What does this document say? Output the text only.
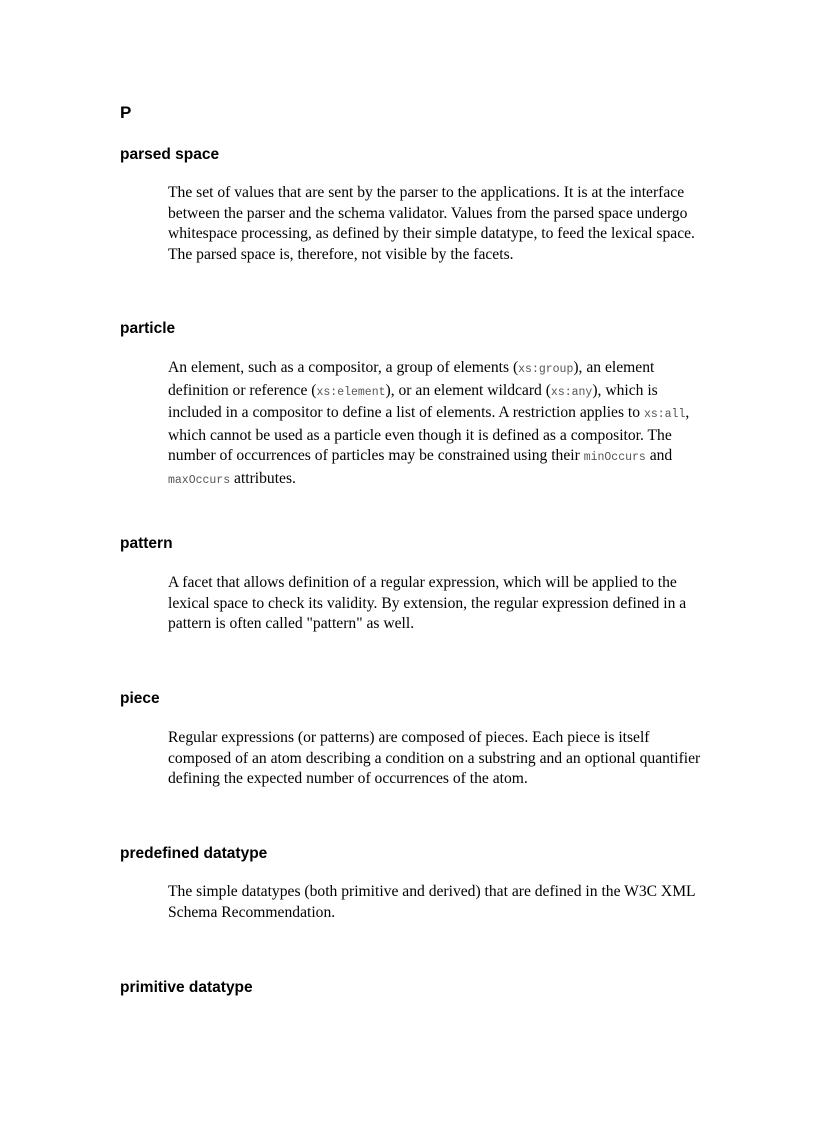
P
parsed space

The set of values that are sent by the parser to the applications. It is at the interface between the parser and the schema validator. Values from the parsed space undergo whitespace processing, as defined by their simple datatype, to feed the lexical space. The parsed space is, therefore, not visible by the facets.

particle

An element, such as a compositor, a group of elements (xs:group), an element definition or reference (xs:element), or an element wildcard (xs:any), which is included in a compositor to define a list of elements. A restriction applies to xs:all, which cannot be used as a particle even though it is defined as a compositor. The number of occurrences of particles may be constrained using their minOccurs and maxOccurs attributes.

pattern

A facet that allows definition of a regular expression, which will be applied to the lexical space to check its validity. By extension, the regular expression defined in a pattern is often called "pattern" as well.

piece

Regular expressions (or patterns) are composed of pieces. Each piece is itself composed of an atom describing a condition on a substring and an optional quantifier defining the expected number of occurrences of the atom.

predefined datatype

The simple datatypes (both primitive and derived) that are defined in the W3C XML Schema Recommendation.

primitive datatype
